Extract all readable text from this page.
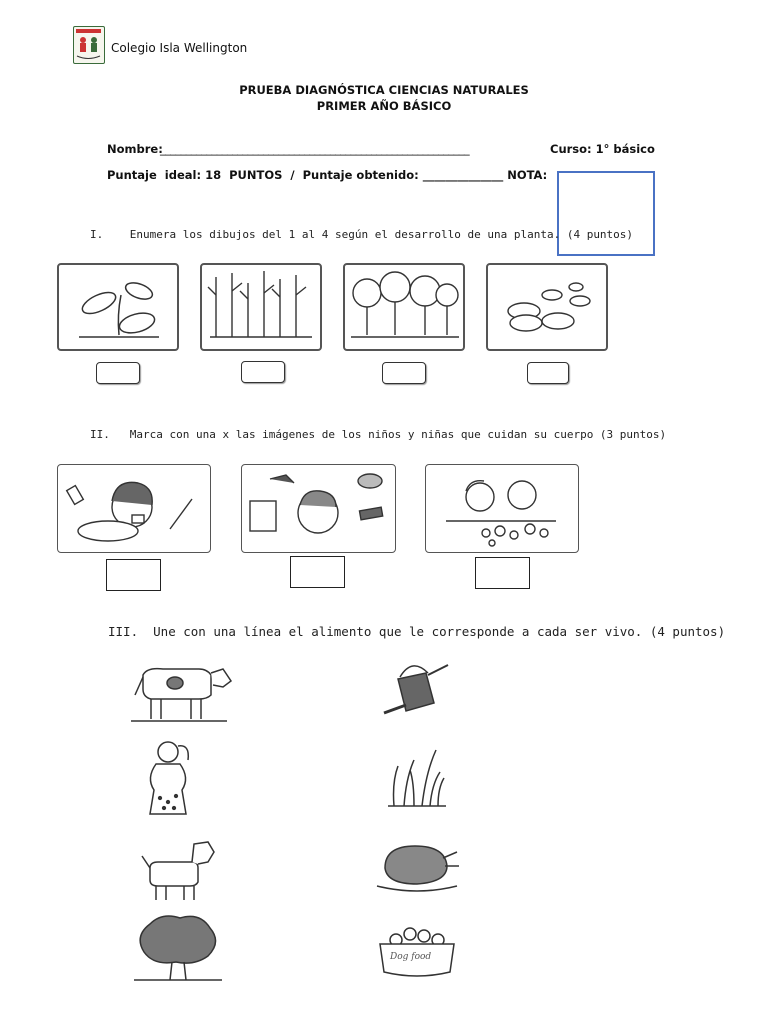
Colegio Isla Wellington
PRUEBA DIAGNÓSTICA CIENCIAS NATURALES
PRIMER AÑO BÁSICO
Nombre:
____________________________________________________________	Curso: 1° básico
Puntaje  ideal: 18  PUNTOS  /  Puntaje obtenido: ______________ NOTA:
I.    Enumera los dibujos del 1 al 4 según el desarrollo de una planta. (4 puntos)
II.   Marca con una x las imágenes de los niños y niñas que cuidan su cuerpo (3 puntos)
III.  Une con una línea el alimento que le corresponde a cada ser vivo. (4 puntos)
Dog food
